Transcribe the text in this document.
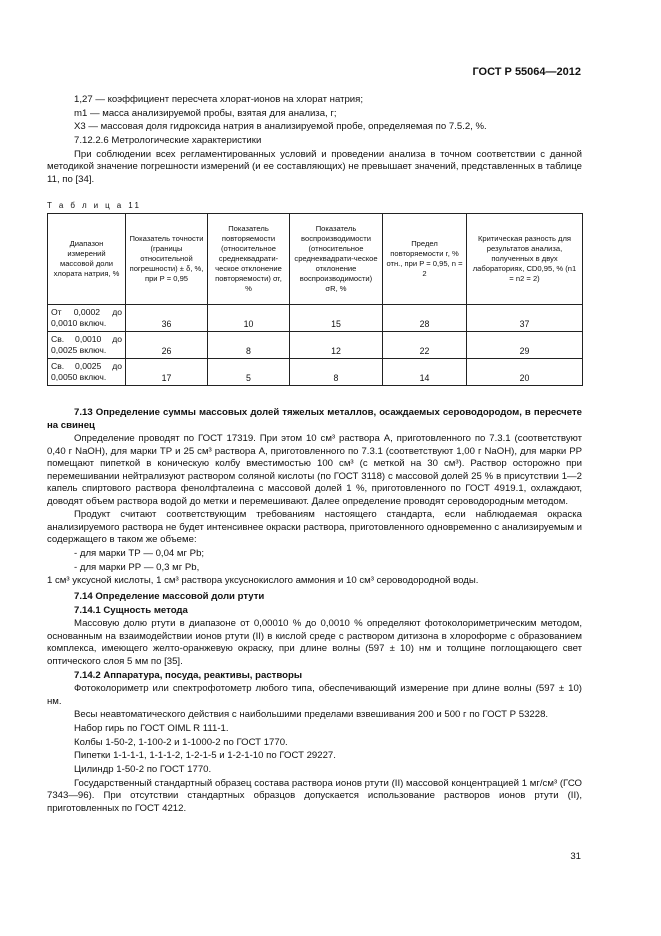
ГОСТ Р 55064—2012

1,27 — коэффициент пересчета хлорат-ионов на хлорат натрия;

m1 — масса анализируемой пробы, взятая для анализа, г;

X3 — массовая доля гидроксида натрия в анализируемой пробе, определяемая по 7.5.2, %.

7.12.2.6 Метрологические характеристики

При соблюдении всех регламентированных условий и проведении анализа в точном соответствии с данной методикой значение погрешности измерений (и ее составляющих) не превышает значений, представленных в таблице 11, по [34].

Т а б л и ц а 11
Диапазон измерений массовой доли хлората натрия, %	Показатель точности (границы относительной погрешности) ± δ, %, при P = 0,95	Показатель повторяемости (относительное среднеквадрати-ческое отклонение повторяемости) σr, %	Показатель воспроизводимости (относительное среднеквадрати-ческое отклонение воспроизводимости) σR, %	Предел повторяемости r, % отн., при P = 0,95, n = 2	Критическая разность для результатов анализа, полученных в двух лабораториях, CD0,95, % (n1 = n2 = 2)
От 0,0002 до 0,0010 включ.	36	10	15	28	37
Св. 0,0010 до 0,0025 включ.	26	8	12	22	29
Св. 0,0025 до 0,0050 включ.	17	5	8	14	20

7.13 Определение суммы массовых долей тяжелых металлов, осаждаемых сероводородом, в пересчете на свинец

Определение проводят по ГОСТ 17319. При этом 10 см³ раствора А, приготовленного по 7.3.1 (соответствуют 0,40 г NaOH), для марки ТР и 25 см³ раствора А, приготовленного по 7.3.1 (соответствуют 1,00 г NaOH), для марки РР помещают пипеткой в коническую колбу вместимостью 100 см³ (с меткой на 30 см³). Раствор осторожно при перемешивании нейтрализуют раствором соляной кислоты (по ГОСТ 3118) с массовой долей 25 % в присутствии 1—2 капель спиртового раствора фенолфталеина с массовой долей 1 %, приготовленного по ГОСТ 4919.1, охлаждают, доводят объем раствора водой до метки и перемешивают. Далее определение проводят сероводородным методом.

Продукт считают соответствующим требованиям настоящего стандарта, если наблюдаемая окраска анализируемого раствора не будет интенсивнее окраски раствора, приготовленного одновременно с анализируемым и содержащего в таком же объеме:

- для марки ТР — 0,04 мг Pb;

- для марки РР — 0,3 мг Pb,

1 см³ уксусной кислоты, 1 см³ раствора уксуснокислого аммония и 10 см³ сероводородной воды.

7.14 Определение массовой доли ртути

7.14.1 Сущность метода

Массовую долю ртути в диапазоне от 0,00010 % до 0,0010 % определяют фотоколориметрическим методом, основанным на взаимодействии ионов ртути (II) в кислой среде с раствором дитизона в хлороформе с образованием комплекса, имеющего желто-оранжевую окраску, при длине волны (597 ± 10) нм и толщине поглощающего свет оптического слоя 5 мм по [35].

7.14.2 Аппаратура, посуда, реактивы, растворы

Фотоколориметр или спектрофотометр любого типа, обеспечивающий измерение при длине волны (597 ± 10) нм.

Весы неавтоматического действия с наибольшими пределами взвешивания 200 и 500 г по ГОСТ Р 53228.

Набор гирь по ГОСТ OIML R 111-1.

Колбы 1-50-2, 1-100-2 и 1-1000-2 по ГОСТ 1770.

Пипетки 1-1-1-1, 1-1-1-2, 1-2-1-5 и 1-2-1-10 по ГОСТ 29227.

Цилиндр 1-50-2 по ГОСТ 1770.

Государственный стандартный образец состава раствора ионов ртути (II) массовой концентрацией 1 мг/см³ (ГСО 7343—96). При отсутствии стандартных образцов допускается использование растворов ионов ртути (II), приготовленных по ГОСТ 4212.

31
